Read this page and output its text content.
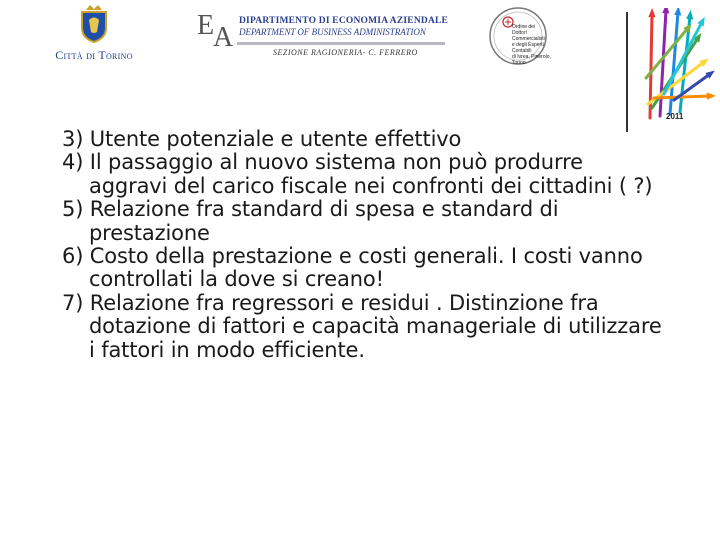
Città di Torino
E
A
DIPARTIMENTO DI ECONOMIA AZIENDALE
DEPARTMENT OF BUSINESS ADMINISTRATION
SEZIONE RAGIONERIA- C. FERRERO
Ordine dei
Dottori Commercialisti
e degli Esperti Contabili
di Ivrea, Pinerolo, Torino
2011
3) Utente potenziale e utente effettivo
4) Il passaggio al nuovo sistema non può produrre aggravi del carico fiscale nei confronti dei cittadini ( ?)
5) Relazione fra standard di spesa e standard di prestazione
6) Costo della prestazione e costi generali. I costi vanno controllati la dove si creano!
7) Relazione fra regressori e residui . Distinzione fra dotazione di fattori e capacità manageriale di utilizzare i fattori in modo efficiente.
